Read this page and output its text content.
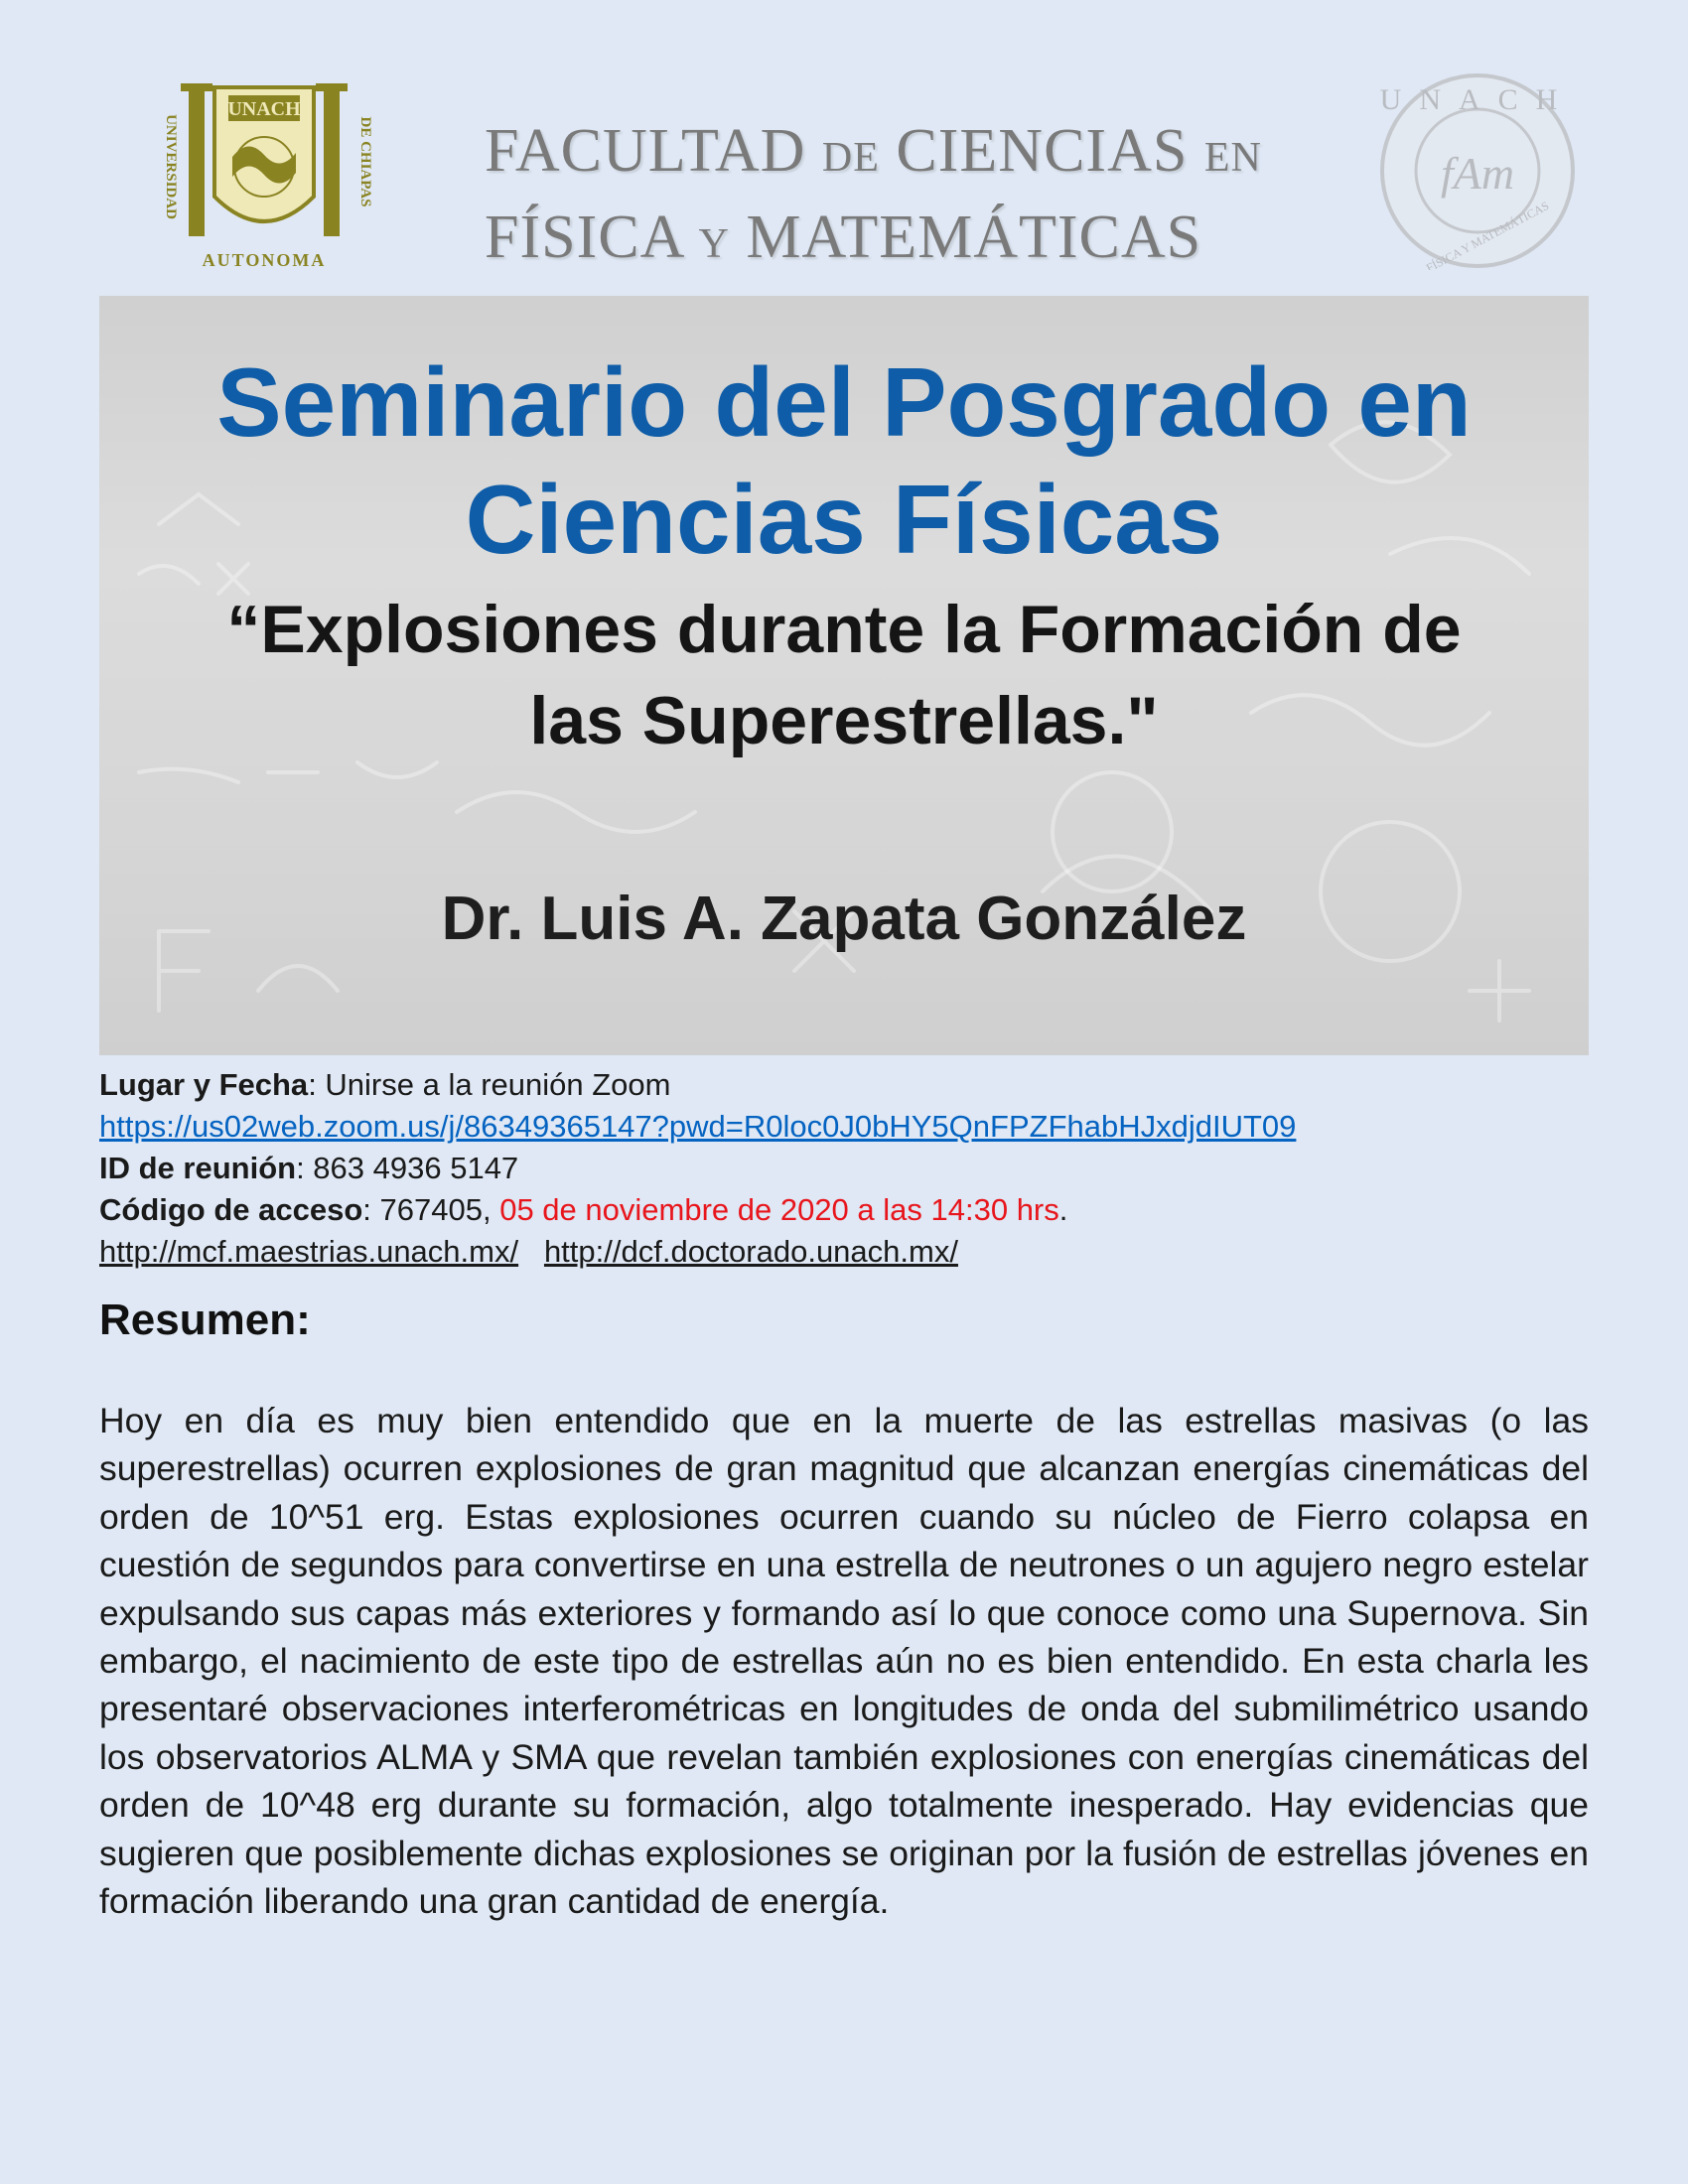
UNACH
UNIVERSIDAD	DE CHIAPAS
AUTONOMA
FACULTAD DE CIENCIAS EN
FÍSICA Y MATEMÁTICAS
UNACH
fAm
FÍSICA Y MATEMÁTICAS
Seminario del Posgrado en
Ciencias Físicas
“Explosiones durante la Formación de
las Superestrellas."
Dr. Luis A. Zapata González
Lugar y Fecha: Unirse a la reunión Zoom
https://us02web.zoom.us/j/86349365147?pwd=R0loc0J0bHY5QnFPZFhabHJxdjdIUT09
ID de reunión: 863 4936 5147
Código de acceso: 767405, 05 de noviembre de 2020 a las 14:30 hrs.
http://mcf.maestrias.unach.mx/ http://dcf.doctorado.unach.mx/
Resumen:
Hoy en día es muy bien entendido que en la muerte de las estrellas masivas (o las superestrellas) ocurren explosiones de gran magnitud que alcanzan energías cinemáticas del orden de 10^51 erg. Estas explosiones ocurren cuando su núcleo de Fierro colapsa en cuestión de segundos para convertirse en una estrella de neutrones o un agujero negro estelar expulsando sus capas más exteriores y formando así lo que conoce como una Supernova. Sin embargo, el nacimiento de este tipo de estrellas aún no es bien entendido. En esta charla les presentaré observaciones interferométricas en longitudes de onda del submilimétrico usando los observatorios ALMA y SMA que revelan también explosiones con energías cinemáticas del orden de 10^48 erg durante su formación, algo totalmente inesperado. Hay evidencias que sugieren que posiblemente dichas explosiones se originan por la fusión de estrellas jóvenes en formación liberando una gran cantidad de energía.
